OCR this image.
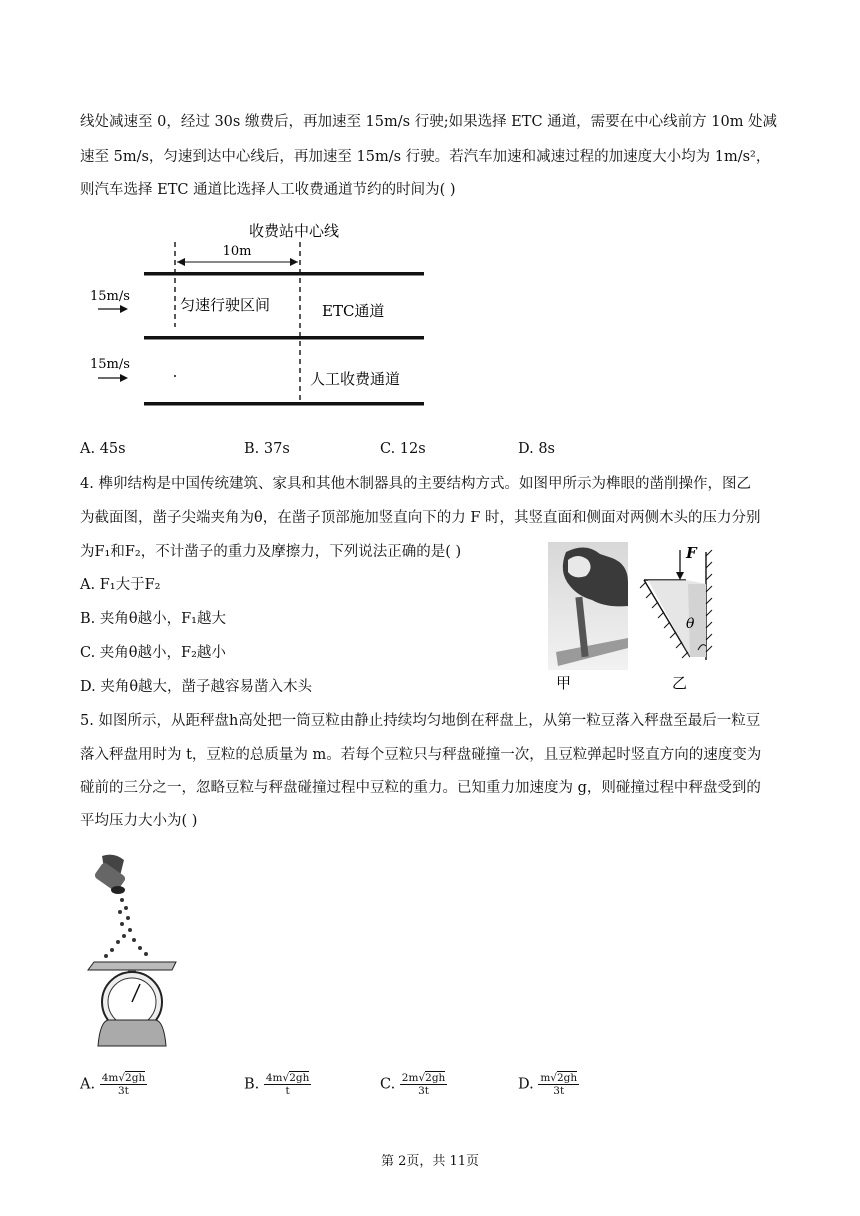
线处减速至 0，经过 30s 缴费后，再加速至 15m/s 行驶;如果选择 ETC 通道，需要在中心线前方 10m 处减
速至 5m/s，匀速到达中心线后，再加速至 15m/s 行驶。若汽车加速和减速过程的加速度大小均为 1m/s²，
则汽车选择 ETC 通道比选择人工收费通道节约的时间为( )
收费站中心线
10m
15m/s	匀速行驶区间	ETC通道
15m/s
人工收费通道
A. 45s	B. 37s	C. 12s	D. 8s
4. 榫卯结构是中国传统建筑、家具和其他木制器具的主要结构方式。如图甲所示为榫眼的凿削操作，图乙
为截面图，凿子尖端夹角为θ，在凿子顶部施加竖直向下的力 F 时，其竖直面和侧面对两侧木头的压力分别
为F₁和F₂，不计凿子的重力及摩擦力，下列说法正确的是( )
A. F₁大于F₂
B. 夹角θ越小，F₁越大
C. 夹角θ越小，F₂越小
D. 夹角θ越大，凿子越容易凿入木头	甲
F
θ
乙
5. 如图所示，从距秤盘h高处把一筒豆粒由静止持续均匀地倒在秤盘上，从第一粒豆落入秤盘至最后一粒豆
落入秤盘用时为 t，豆粒的总质量为 m。若每个豆粒只与秤盘碰撞一次，且豆粒弹起时竖直方向的速度变为
碰前的三分之一，忽略豆粒与秤盘碰撞过程中豆粒的重力。已知重力加速度为 g，则碰撞过程中秤盘受到的
平均压力大小为( )
A. $\frac{4m√2gh}{3t}$	B. $\frac{4m√2gh}{t}$	C. $\frac{2m√2gh}{3t}$	D. $\frac{m√2gh}{3t}$
第 2页，共 11页
